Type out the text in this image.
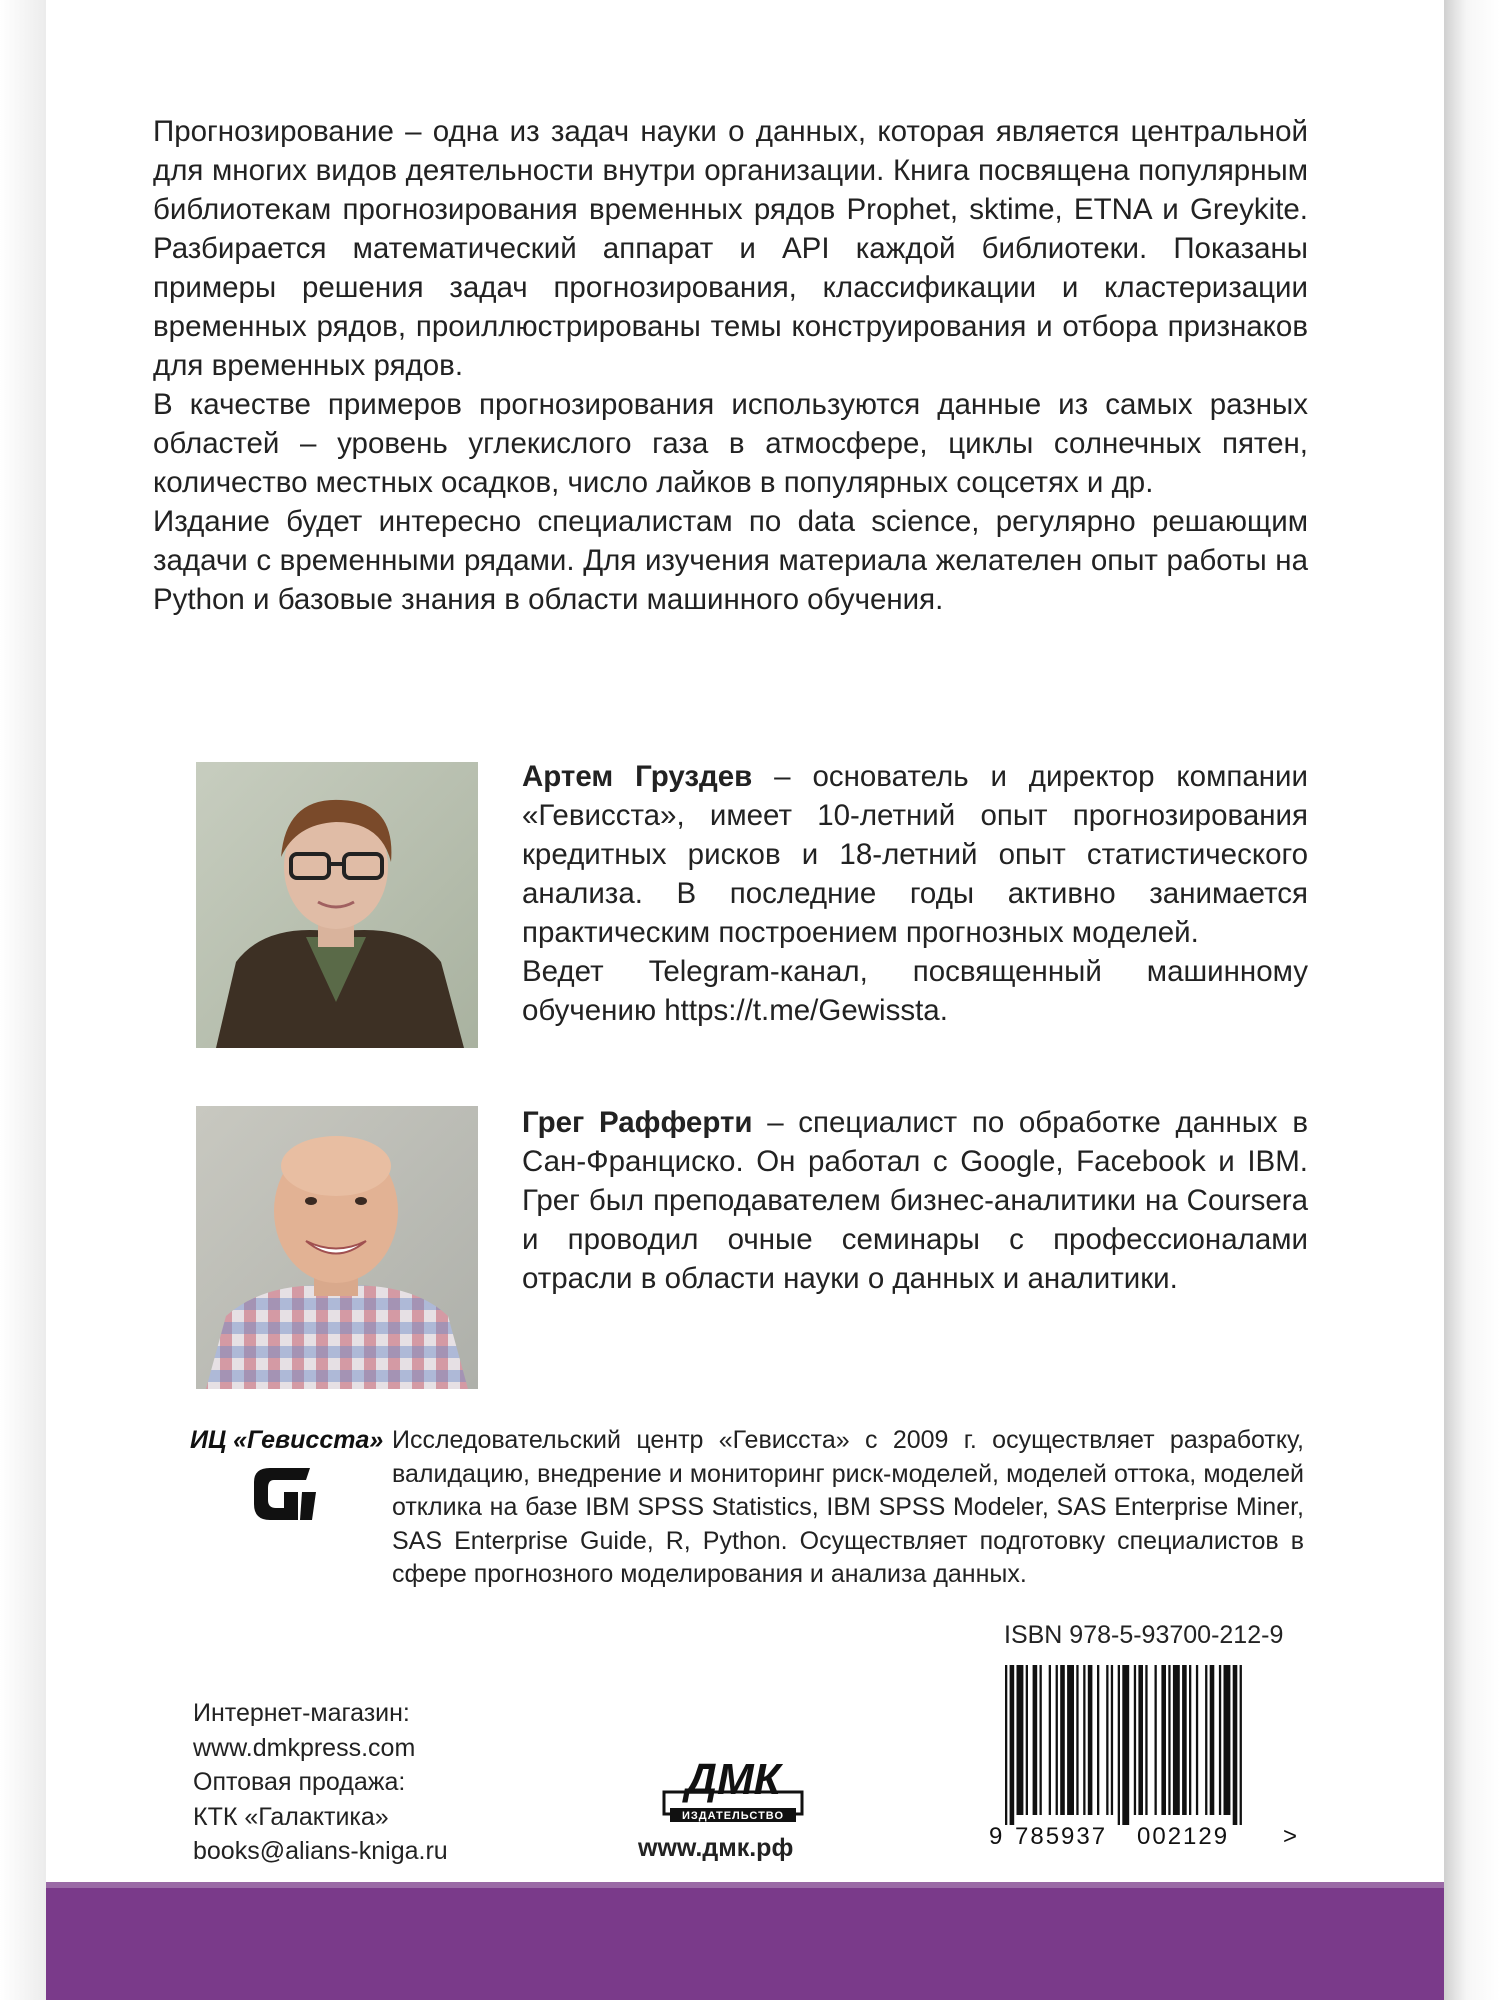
Прогнозирование – одна из задач науки о данных, которая является центральной для многих видов деятельности внутри организации. Книга посвящена популярным библиотекам прогнозирования временных рядов Prophet, sktime, ETNA и Greykite. Разбирается математический аппарат и API каждой библиотеки. Показаны примеры решения задач прогнозирования, классификации и кластеризации временных рядов, проиллюстрированы темы конструирования и отбора признаков для временных рядов.

В качестве примеров прогнозирования используются данные из самых разных областей – уровень углекислого газа в атмосфере, циклы солнечных пятен, количество местных осадков, число лайков в популярных соцсетях и др.

Издание будет интересно специалистам по data science, регулярно решающим задачи с временными рядами. Для изучения материала желателен опыт работы на Python и базовые знания в области машинного обучения.

Артем Груздев – основатель и директор компании «Гевисста», имеет 10-летний опыт прогнозирования кредитных рисков и 18-летний опыт статистического анализа. В последние годы активно занимается практическим построением прогнозных моделей.

Ведет Telegram-канал, посвященный машинному обучению https://t.me/Gewissta.

Грег Рафферти – специалист по обработке данных в Сан-Франциско. Он работал с Google, Facebook и IBM. Грег был преподавателем бизнес-аналитики на Coursera и проводил очные семинары с профессионалами отрасли в области науки о данных и аналитики.

ИЦ «Гевисста» Исследовательский центр «Гевисста» с 2009 г. осуществляет разработку, валидацию, внедрение и мониторинг риск-моделей, моделей оттока, моделей отклика на базе IBM SPSS Statistics, IBM SPSS Modeler, SAS Enterprise Miner, SAS Enterprise Guide, R, Python. Осуществляет подготовку специалистов в сфере прогнозного моделирования и анализа данных.
ISBN 978-5-93700-212-9
9 785937 002129 >
Интернет-магазин:
www.dmkpress.com
Оптовая продажа:
КТК «Галактика»
books@alians-kniga.ru
ДМК
ИЗДАТЕЛЬСТВО
www.дмк.рф
